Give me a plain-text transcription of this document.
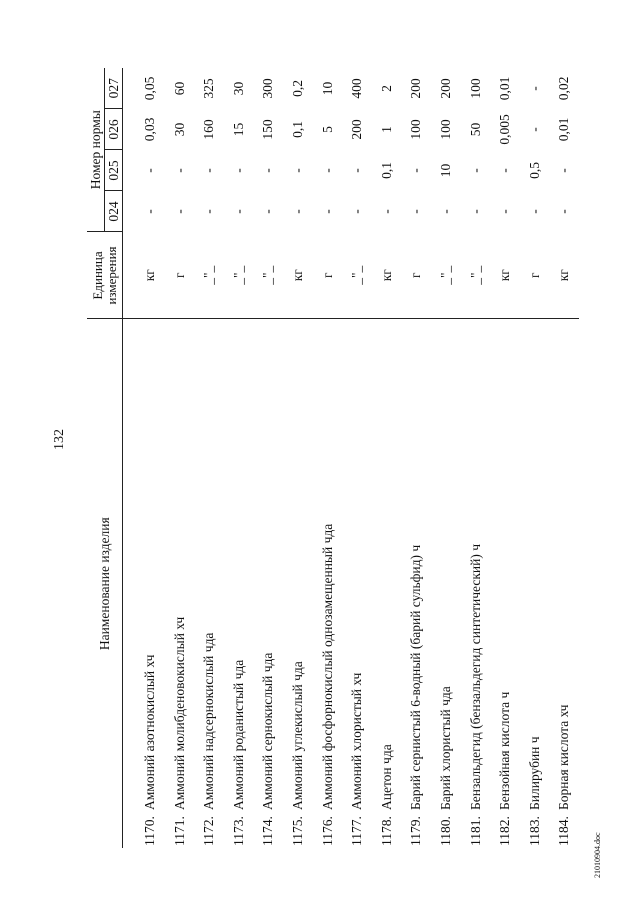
132
21010904.doc
Наименование изделия		Единица измерения	Номер нормы			
			024	025	026	027
1170.	Аммоний азотнокислый хч	кг	-	-	0,03	0,05
1171.	Аммоний молибденовокислый хч	г	-	-	30	60
1172.	Аммоний надсернокислый чда	_"_	-	-	160	325
1173.	Аммоний роданистый чда	_"_	-	-	15	30
1174.	Аммоний сернокислый чда	_"_	-	-	150	300
1175.	Аммоний углекислый чда	кг	-	-	0,1	0,2
1176.	Аммоний фосфорнокислый однозамещенный чда	г	-	-	5	10
1177.	Аммоний хлористый хч	_"_	-	-	200	400
1178.	Ацетон чда	кг	-	0,1	1	2
1179.	Барий сернистый 6-водный (барий сульфид) ч	г	-	-	100	200
1180.	Барий хлористый чда	_"_	-	10	100	200
1181.	Бензальдегид (бензальдегид синтетический) ч	_"_	-	-	50	100
1182.	Бензойная кислота ч	кг	-	-	0,005	0,01
1183.	Билирубин ч	г	-	0,5	-	-
1184.	Борная кислота хч	кг	-	-	0,01	0,02
